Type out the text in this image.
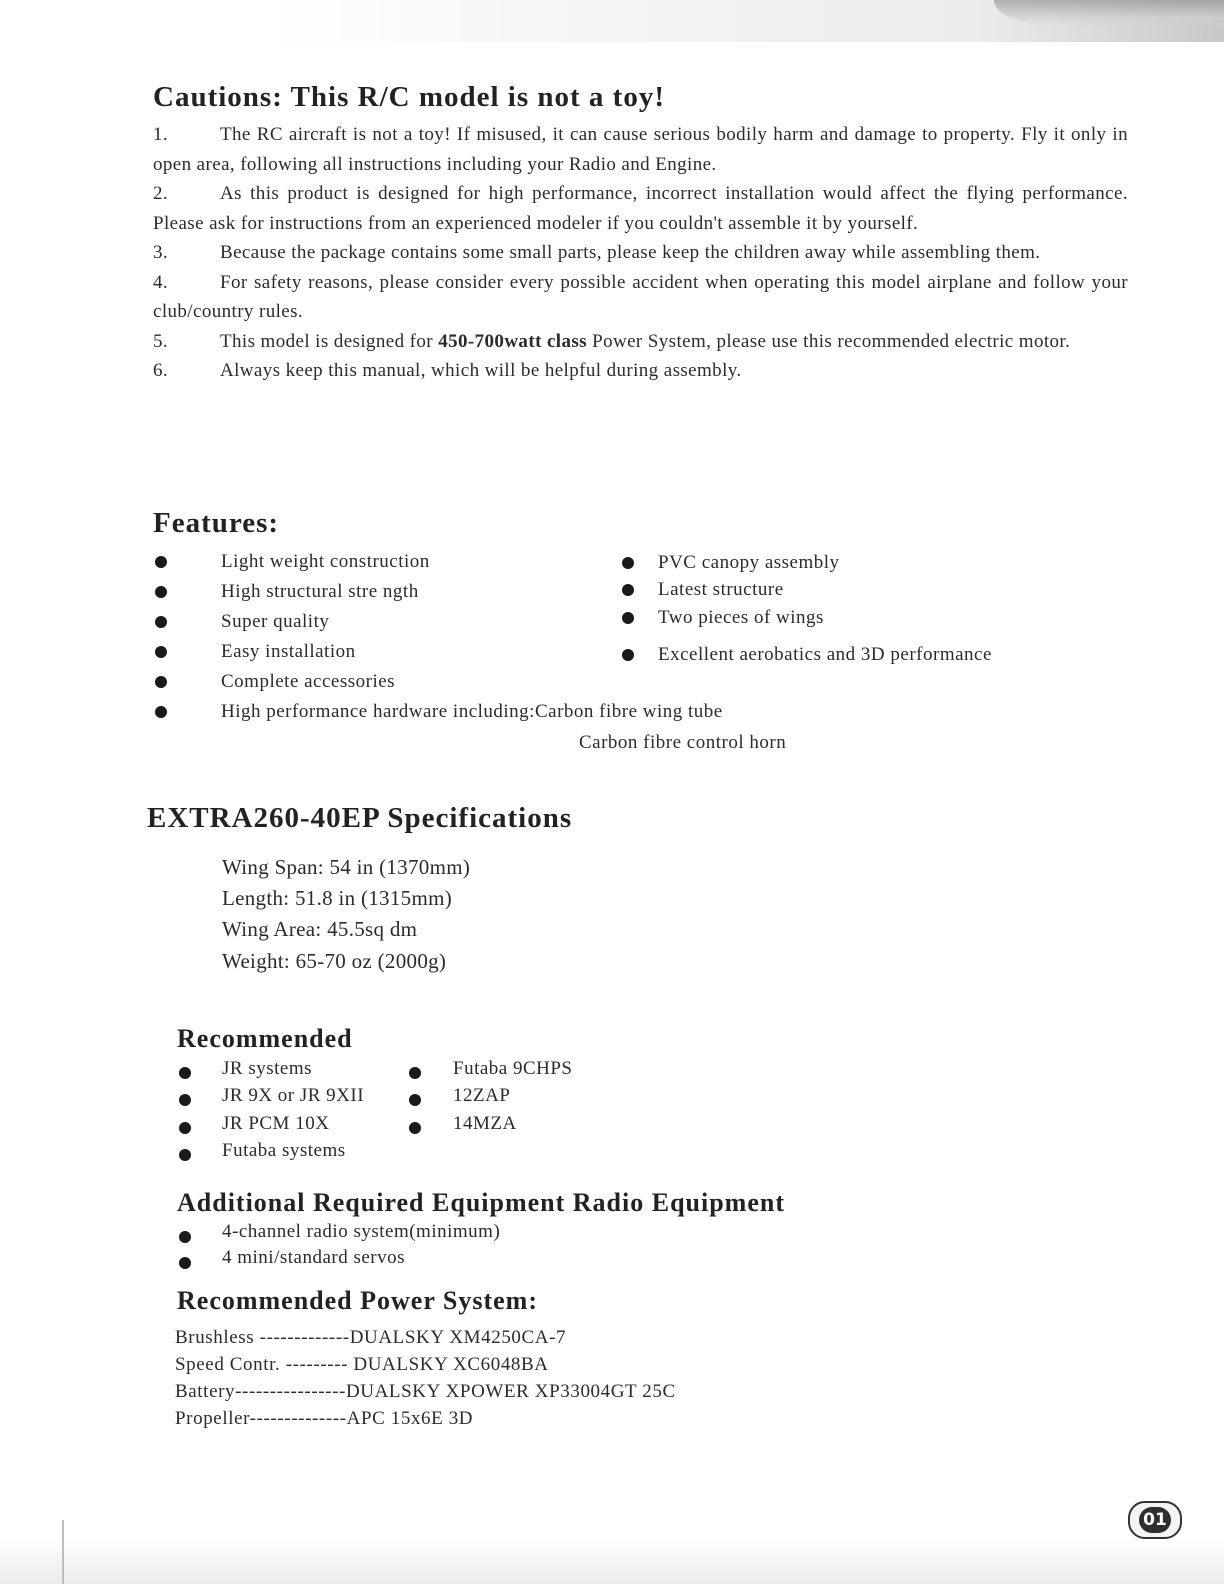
Cautions: This R/C model is not a toy!
1.	The RC aircraft is not a toy! If misused, it can cause serious bodily harm and damage to property. Fly it only in open area, following all instructions including your Radio and Engine.
2.	As this product is designed for high performance, incorrect installation would affect the flying performance. Please ask for instructions from an experienced modeler if you couldn't assemble it by yourself.
3.	Because the package contains some small parts, please keep the children away while assembling them.
4.	For safety reasons, please consider every possible accident when operating this model airplane and follow your club/country rules.
5.	This model is designed for 450-700watt class Power System, please use this recommended electric motor.
6.	Always keep this manual, which will be helpful during assembly.
Features:
Light weight construction
High structural stre ngth
Super quality
Easy installation
Complete accessories
High performance hardware including:Carbon fibre wing tube
Carbon fibre control horn
PVC canopy assembly
Latest structure
Two pieces of wings
Excellent aerobatics and 3D performance
EXTRA260-40EP Specifications
Wing Span: 54 in (1370mm)
Length: 51.8 in (1315mm)
Wing Area: 45.5sq dm
Weight: 65-70 oz (2000g)
Recommended
JR systems
JR 9X or JR 9XII
JR PCM 10X
Futaba systems
Futaba 9CHPS
12ZAP
14MZA
Additional Required Equipment Radio Equipment
4-channel radio system(minimum)
4 mini/standard servos
Recommended Power System:
Brushless -------------DUALSKY XM4250CA-7
Speed Contr. --------- DUALSKY XC6048BA
Battery----------------DUALSKY XPOWER XP33004GT 25C
Propeller--------------APC 15x6E 3D
01
